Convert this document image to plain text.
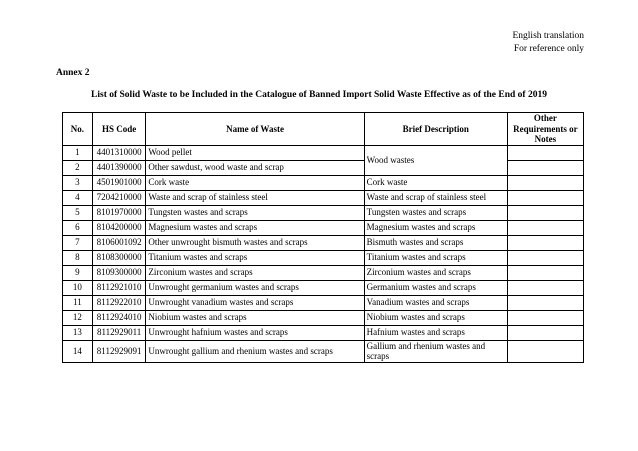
English translation
For reference only
Annex 2
List of Solid Waste to be Included in the Catalogue of Banned Import Solid Waste Effective as of the End of 2019
No.	HS Code	Name of Waste	Brief Description	Other Requirements or Notes
1	4401310000	Wood pellet	Wood wastes	
2	4401390000	Other sawdust, wood waste and scrap		
3	4501901000	Cork waste	Cork waste	
4	7204210000	Waste and scrap of stainless steel	Waste and scrap of stainless steel	
5	8101970000	Tungsten wastes and scraps	Tungsten wastes and scraps	
6	8104200000	Magnesium wastes and scraps	Magnesium wastes and scraps	
7	8106001092	Other unwrought bismuth wastes and scraps	Bismuth wastes and scraps	
8	8108300000	Titanium wastes and scraps	Titanium wastes and scraps	
9	8109300000	Zirconium wastes and scraps	Zirconium wastes and scraps	
10	8112921010	Unwrought germanium wastes and scraps	Germanium wastes and scraps	
11	8112922010	Unwrought vanadium wastes and scraps	Vanadium wastes and scraps	
12	8112924010	Niobium wastes and scraps	Niobium wastes and scraps	
13	8112929011	Unwrought hafnium wastes and scraps	Hafnium wastes and scraps	
14	8112929091	Unwrought gallium and rhenium wastes and scraps	Gallium and rhenium wastes and scraps	
